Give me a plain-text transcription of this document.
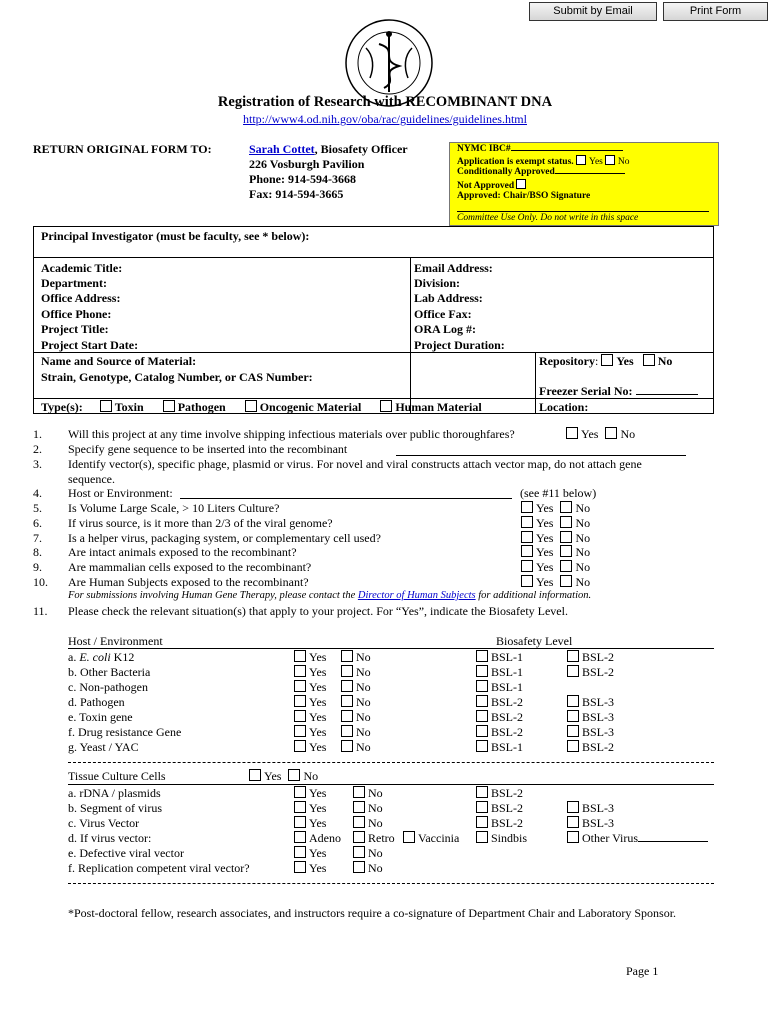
Submit by Email	Print Form
Registration of Research with RECOMBINANT DNA
http://www4.od.nih.gov/oba/rac/guidelines/guidelines.html
RETURN ORIGINAL FORM TO:	Sarah Cottet, Biosafety Officer
226 Vosburgh Pavilion
Phone: 914-594-3668
Fax: 914-594-3665
NYMC IBC#
Application is exempt status. Yes No
Conditionally Approved
Not Approved
Approved: Chair/BSO Signature
Committee Use Only. Do not write in this space
Principal Investigator (must be faculty, see * below):
Academic Title:	Email Address:
Department:	Division:
Office Address:	Lab Address:
Office Phone:	Office Fax:
Project Title:	ORA Log #:
Project Start Date:	Project Duration:
Name and Source of Material:	Repository: Yes No
Strain, Genotype, Catalog Number, or CAS Number:
Freezer Serial No:
Type(s):	Toxin	Pathogen	Oncogenic Material	Human Material	Location:
1. Will this project at any time involve shipping infectious materials over public thoroughfares?	Yes No
2. Specify gene sequence to be inserted into the recombinant
3. Identify vector(s), specific phage, plasmid or virus. For novel and viral constructs attach vector map, do not attach gene
sequence.
4. Host or Environment:	(see #11 below)
5. Is Volume Large Scale, > 10 Liters Culture?	Yes No
6. If virus source, is it more than 2/3 of the viral genome?	Yes No
7. Is a helper virus, packaging system, or complementary cell used?	Yes No
8. Are intact animals exposed to the recombinant?	Yes No
9. Are mammalian cells exposed to the recombinant?	Yes No
10. Are Human Subjects exposed to the recombinant?	Yes No
For submissions involving Human Gene Therapy, please contact the Director of Human Subjects for additional information.
11. Please check the relevant situation(s) that apply to your project. For “Yes”, indicate the Biosafety Level.
Host / Environment	Biosafety Level
a. E. coli K12	Yes	No	BSL-1	BSL-2
b. Other Bacteria	Yes	No	BSL-1	BSL-2
c. Non-pathogen	Yes	No	BSL-1
d. Pathogen	Yes	No	BSL-2	BSL-3
e. Toxin gene	Yes	No	BSL-2	BSL-3
f. Drug resistance Gene	Yes	No	BSL-2	BSL-3
g. Yeast / YAC	Yes	No	BSL-1	BSL-2
Tissue Culture Cells	Yes No
a. rDNA / plasmids	Yes	No	BSL-2
b. Segment of virus	Yes	No	BSL-2	BSL-3
c. Virus Vector	Yes	No	BSL-2	BSL-3
d. If virus vector:	Adeno	Retro	Vaccinia	Sindbis	Other Virus
e. Defective viral vector	Yes	No
f. Replication competent viral vector?	Yes	No
*Post-doctoral fellow, research associates, and instructors require a co-signature of Department Chair and Laboratory Sponsor.
Page 1
